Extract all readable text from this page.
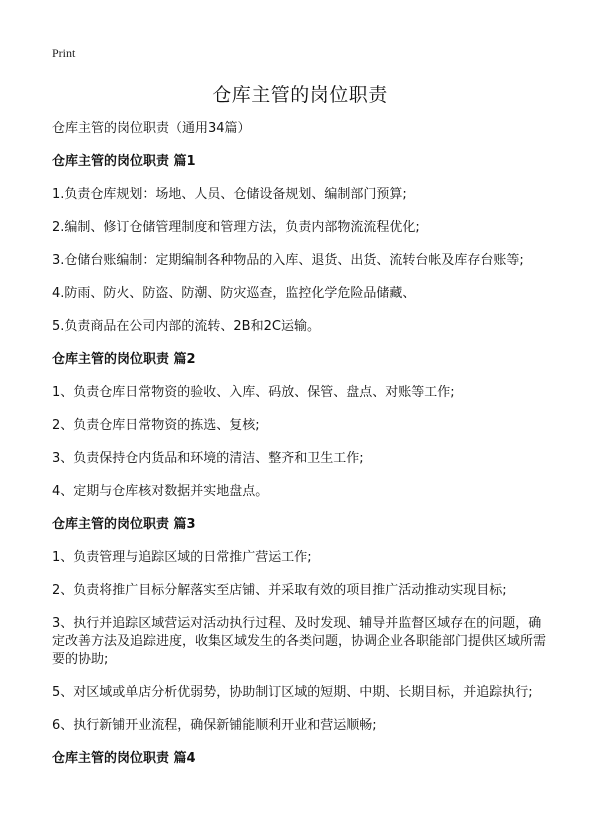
Print
仓库主管的岗位职责

仓库主管的岗位职责（通用34篇）

仓库主管的岗位职责 篇1

1.负责仓库规划：场地、人员、仓储设备规划、编制部门预算;

2.编制、修订仓储管理制度和管理方法，负责内部物流流程优化;

3.仓储台账编制：定期编制各种物品的入库、退货、出货、流转台帐及库存台账等;

4.防雨、防火、防盗、防潮、防灾巡查，监控化学危险品储藏、

5.负责商品在公司内部的流转、2B和2C运输。

仓库主管的岗位职责 篇2

1、负责仓库日常物资的验收、入库、码放、保管、盘点、对账等工作;

2、负责仓库日常物资的拣选、复核;

3、负责保持仓内货品和环境的清洁、整齐和卫生工作;

4、定期与仓库核对数据并实地盘点。

仓库主管的岗位职责 篇3

1、负责管理与追踪区域的日常推广营运工作;

2、负责将推广目标分解落实至店铺、并采取有效的项目推广活动推动实现目标;

3、执行并追踪区域营运对活动执行过程、及时发现、辅导并监督区域存在的问题，确定改善方法及追踪进度，收集区域发生的各类问题，协调企业各职能部门提供区域所需要的协助;

5、对区域或单店分析优弱势，协助制订区域的短期、中期、长期目标，并追踪执行;

6、执行新铺开业流程，确保新铺能顺利开业和营运顺畅;

仓库主管的岗位职责 篇4
